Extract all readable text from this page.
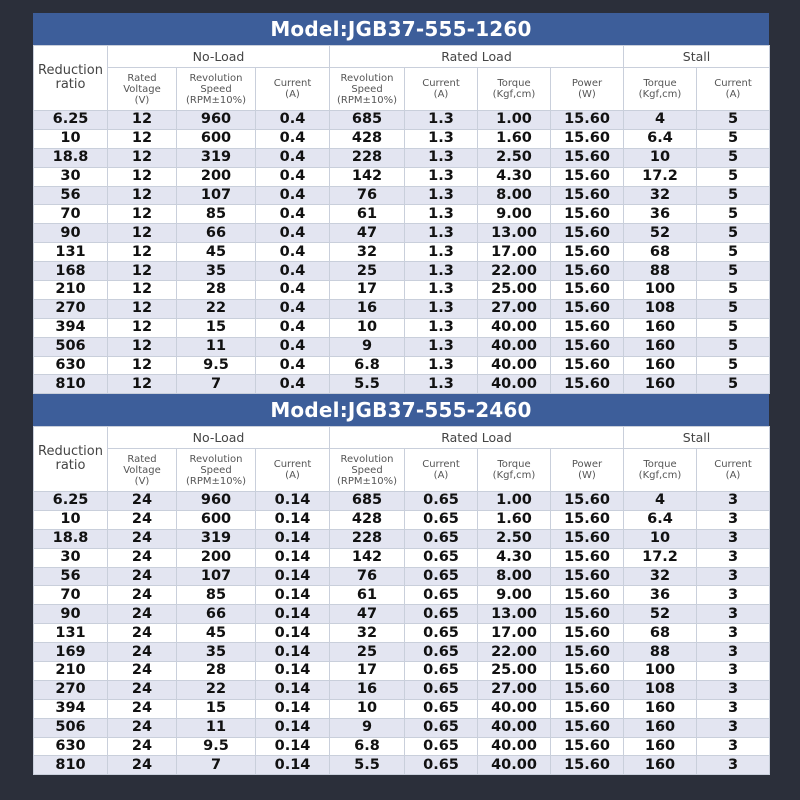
Model:JGB37-555-1260
Reduction
ratio	No-Load			Rated Load				Stall	

	Rated
Voltage
(V)	Revolution
Speed
(RPM±10%)	Current
(A)	Revolution
Speed
(RPM±10%)	Current
(A)	Torque
(Kgf,cm)	Power
(W)	Torque
(Kgf,cm)	Current
(A)

6.25	12	960	0.4	685	1.3	1.00	15.60	4	5
10	12	600	0.4	428	1.3	1.60	15.60	6.4	5
18.8	12	319	0.4	228	1.3	2.50	15.60	10	5
30	12	200	0.4	142	1.3	4.30	15.60	17.2	5
56	12	107	0.4	76	1.3	8.00	15.60	32	5
70	12	85	0.4	61	1.3	9.00	15.60	36	5
90	12	66	0.4	47	1.3	13.00	15.60	52	5
131	12	45	0.4	32	1.3	17.00	15.60	68	5
168	12	35	0.4	25	1.3	22.00	15.60	88	5
210	12	28	0.4	17	1.3	25.00	15.60	100	5
270	12	22	0.4	16	1.3	27.00	15.60	108	5
394	12	15	0.4	10	1.3	40.00	15.60	160	5
506	12	11	0.4	9	1.3	40.00	15.60	160	5
630	12	9.5	0.4	6.8	1.3	40.00	15.60	160	5
810	12	7	0.4	5.5	1.3	40.00	15.60	160	5
Model:JGB37-555-2460
Reduction
ratio	No-Load			Rated Load				Stall	

	Rated
Voltage
(V)	Revolution
Speed
(RPM±10%)	Current
(A)	Revolution
Speed
(RPM±10%)	Current
(A)	Torque
(Kgf,cm)	Power
(W)	Torque
(Kgf,cm)	Current
(A)

6.25	24	960	0.14	685	0.65	1.00	15.60	4	3
10	24	600	0.14	428	0.65	1.60	15.60	6.4	3
18.8	24	319	0.14	228	0.65	2.50	15.60	10	3
30	24	200	0.14	142	0.65	4.30	15.60	17.2	3
56	24	107	0.14	76	0.65	8.00	15.60	32	3
70	24	85	0.14	61	0.65	9.00	15.60	36	3
90	24	66	0.14	47	0.65	13.00	15.60	52	3
131	24	45	0.14	32	0.65	17.00	15.60	68	3
169	24	35	0.14	25	0.65	22.00	15.60	88	3
210	24	28	0.14	17	0.65	25.00	15.60	100	3
270	24	22	0.14	16	0.65	27.00	15.60	108	3
394	24	15	0.14	10	0.65	40.00	15.60	160	3
506	24	11	0.14	9	0.65	40.00	15.60	160	3
630	24	9.5	0.14	6.8	0.65	40.00	15.60	160	3
810	24	7	0.14	5.5	0.65	40.00	15.60	160	3
